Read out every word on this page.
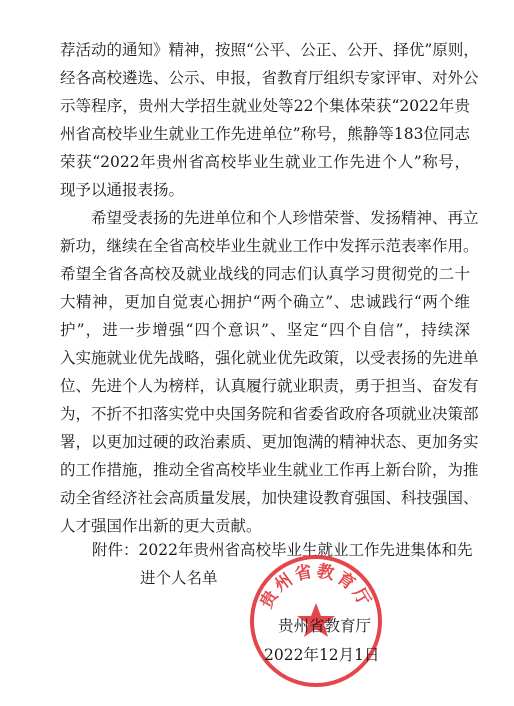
荐活动的通知》精神，按照“公平、公正、公开、择优”原则，
经各高校遴选、公示、申报，省教育厅组织专家评审、对外公
示等程序，贵州大学招生就业处等22个集体荣获“2022年贵
州省高校毕业生就业工作先进单位”称号，熊静等183位同志
荣获“2022年贵州省高校毕业生就业工作先进个人”称号，
现予以通报表扬。
　　希望受表扬的先进单位和个人珍惜荣誉、发扬精神、再立
新功，继续在全省高校毕业生就业工作中发挥示范表率作用。
希望全省各高校及就业战线的同志们认真学习贯彻党的二十
大精神，更加自觉衷心拥护“两个确立”、忠诚践行“两个维
护”，进一步增强“四个意识”、坚定“四个自信”，持续深
入实施就业优先战略，强化就业优先政策，以受表扬的先进单
位、先进个人为榜样，认真履行就业职责，勇于担当、奋发有
为，不折不扣落实党中央国务院和省委省政府各项就业决策部
署，以更加过硬的政治素质、更加饱满的精神状态、更加务实
的工作措施，推动全省高校毕业生就业工作再上新台阶，为推
动全省经济社会高质量发展，加快建设教育强国、科技强国、
人才强国作出新的更大贡献。
附件：2022年贵州省高校毕业生就业工作先进集体和先
进个人名单
贵州省教育厅
贵州省教育厅
2022年12月1日
